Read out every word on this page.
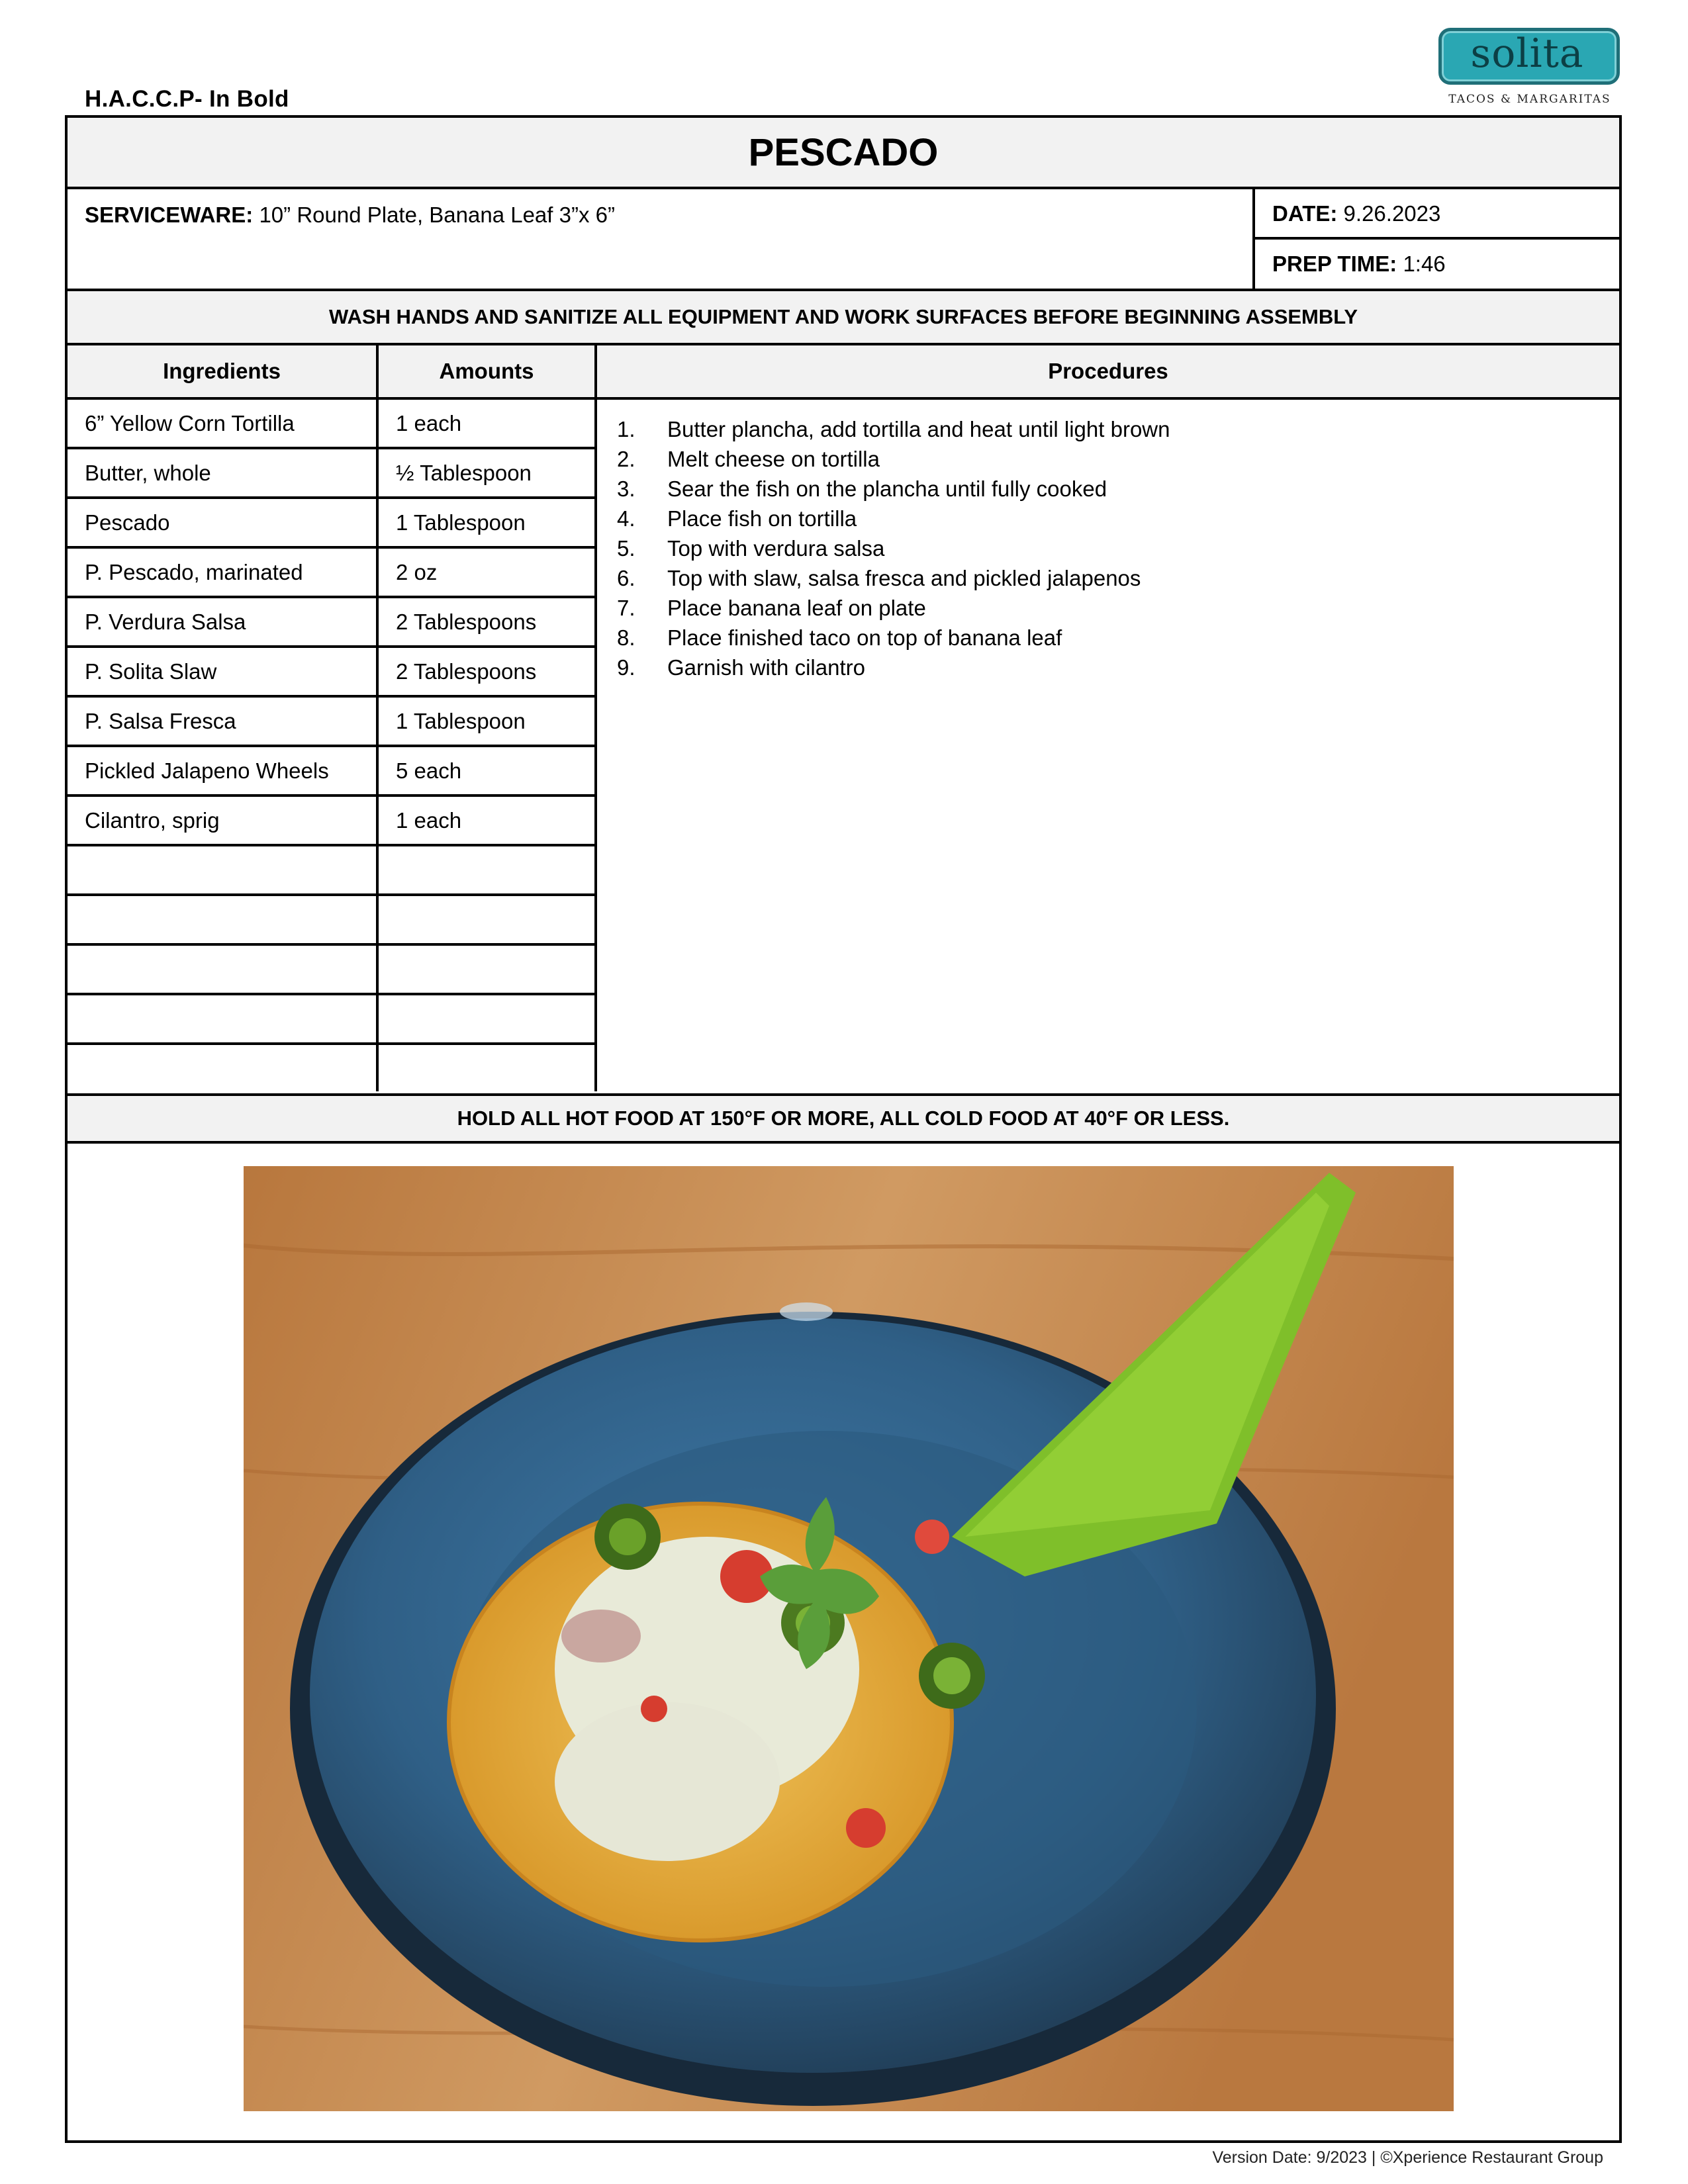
H.A.C.C.P- In Bold
solita
TACOS & MARGARITAS
PESCADO
SERVICEWARE: 10” Round Plate, Banana Leaf 3”x 6”	DATE: 9.26.2023
PREP TIME: 1:46
WASH HANDS AND SANITIZE ALL EQUIPMENT AND WORK SURFACES BEFORE BEGINNING ASSEMBLY
Ingredients	Amounts	Procedures
6” Yellow Corn Tortilla	1 each
Butter, whole	½ Tablespoon
Pescado	1 Tablespoon
P. Pescado, marinated	2 oz
P. Verdura Salsa	2 Tablespoons
P. Solita Slaw	2 Tablespoons
P. Salsa Fresca	1 Tablespoon
Pickled Jalapeno Wheels	5 each
Cilantro, sprig	1 each
1.	Butter plancha, add tortilla and heat until light brown
2.	Melt cheese on tortilla
3.	Sear the fish on the plancha until fully cooked
4.	Place fish on tortilla
5.	Top with verdura salsa
6.	Top with slaw, salsa fresca and pickled jalapenos
7.	Place banana leaf on plate
8.	Place finished taco on top of banana leaf
9.	Garnish with cilantro
HOLD ALL HOT FOOD AT 150°F OR MORE, ALL COLD FOOD AT 40°F OR LESS.
Version Date: 9/2023 | ©Xperience Restaurant Group
